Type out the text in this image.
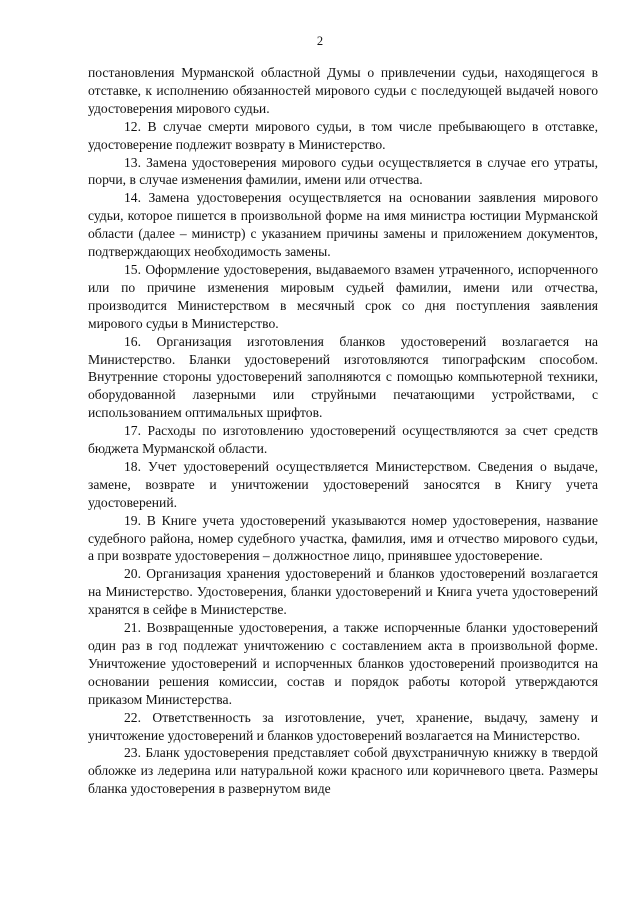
2

постановления Мурманской областной Думы о привлечении судьи, находящегося в отставке, к исполнению обязанностей мирового судьи с последующей выдачей нового удостоверения мирового судьи.

12. В случае смерти мирового судьи, в том числе пребывающего в отставке, удостоверение подлежит возврату в Министерство.

13. Замена удостоверения мирового судьи осуществляется в случае его утраты, порчи, в случае изменения фамилии, имени или отчества.

14. Замена удостоверения осуществляется на основании заявления мирового судьи, которое пишется в произвольной форме на имя министра юстиции Мурманской области (далее – министр) с указанием причины замены и приложением документов, подтверждающих необходимость замены.

15. Оформление удостоверения, выдаваемого взамен утраченного, испорченного или по причине изменения мировым судьей фамилии, имени или отчества, производится Министерством в месячный срок со дня поступления заявления мирового судьи в Министерство.

16. Организация изготовления бланков удостоверений возлагается на Министерство. Бланки удостоверений изготовляются типографским способом. Внутренние стороны удостоверений заполняются с помощью компьютерной техники, оборудованной лазерными или струйными печатающими устройствами, с использованием оптимальных шрифтов.

17. Расходы по изготовлению удостоверений осуществляются за счет средств бюджета Мурманской области.

18. Учет удостоверений осуществляется Министерством. Сведения о выдаче, замене, возврате и уничтожении удостоверений заносятся в Книгу учета удостоверений.

19. В Книге учета удостоверений указываются номер удостоверения, название судебного района, номер судебного участка, фамилия, имя и отчество мирового судьи, а при возврате удостоверения – должностное лицо, принявшее удостоверение.

20. Организация хранения удостоверений и бланков удостоверений возлагается на Министерство. Удостоверения, бланки удостоверений и Книга учета удостоверений хранятся в сейфе в Министерстве.

21. Возвращенные удостоверения, а также испорченные бланки удостоверений один раз в год подлежат уничтожению с составлением акта в произвольной форме. Уничтожение удостоверений и испорченных бланков удостоверений производится на основании решения комиссии, состав и порядок работы которой утверждаются приказом Министерства.

22. Ответственность за изготовление, учет, хранение, выдачу, замену и уничтожение удостоверений и бланков удостоверений возлагается на Министерство.

23. Бланк удостоверения представляет собой двухстраничную книжку в твердой обложке из ледерина или натуральной кожи красного или коричневого цвета. Размеры бланка удостоверения в развернутом виде
